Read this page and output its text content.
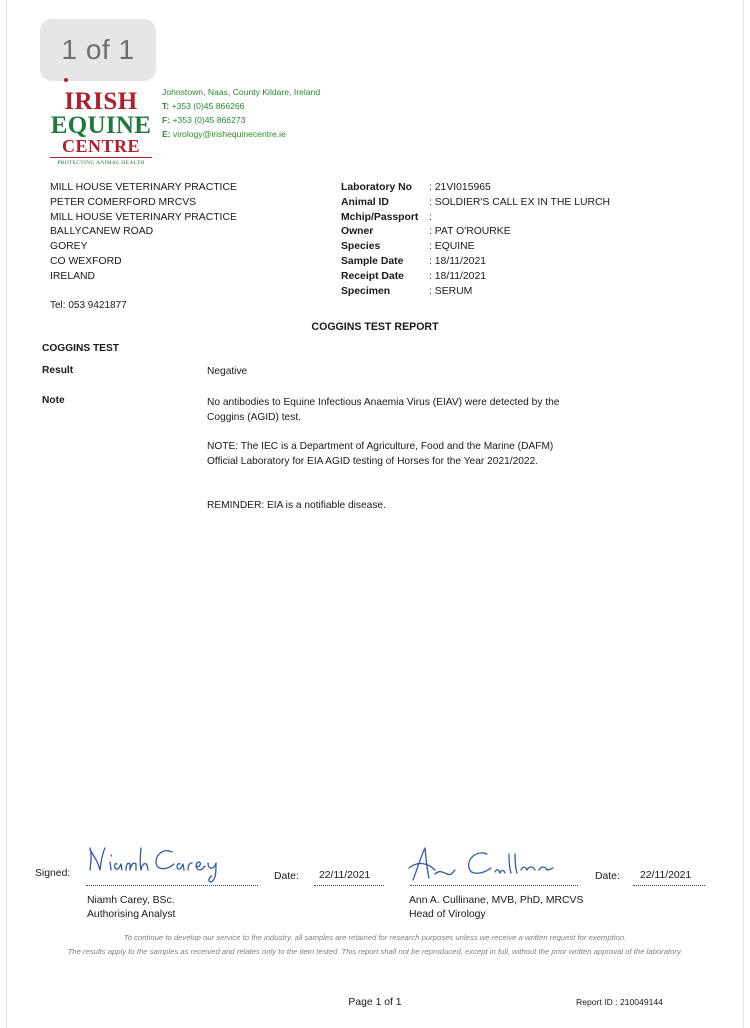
1 of 1
IRISH
EQUINE
CENTRE
PROTECTING ANIMAL HEALTH
Johnstown, Naas, County Kildare, Ireland
T: +353 (0)45 866266
F: +353 (0)45 866273
E: virology@irishequinecentre.ie
MILL HOUSE VETERINARY PRACTICE
PETER COMERFORD MRCVS
MILL HOUSE VETERINARY PRACTICE
BALLYCANEW ROAD
GOREY
CO WEXFORD
IRELAND
Tel: 053 9421877
Laboratory No	: 21VI015965
Animal ID	: SOLDIER'S CALL EX IN THE LURCH
Mchip/Passport	:
Owner	: PAT O'ROURKE
Species	: EQUINE
Sample Date	: 18/11/2021
Receipt Date	: 18/11/2021
Specimen	: SERUM
COGGINS TEST REPORT
COGGINS TEST
Result	Negative
Note	No antibodies to Equine Infectious Anaemia Virus (EIAV) were detected by the Coggins (AGID) test.
NOTE: The IEC is a Department of Agriculture, Food and the Marine (DAFM) Official Laboratory for EIA AGID testing of Horses for the Year 2021/2022.
REMINDER: EIA is a notifiable disease.
Signed:	Date: 22/11/2021
Niamh Carey, BSc.
Authorising Analyst
Date: 22/11/2021
Ann A. Cullinane, MVB, PhD, MRCVS
Head of Virology
To continue to develop our service to the industry, all samples are retained for research purposes unless we receive a written request for exemption.
The results apply to the samples as received and relates only to the item tested. This report shall not be reproduced, except in full, without the prior written approval of the laboratory.
Page 1 of 1	Report ID : 210049144
